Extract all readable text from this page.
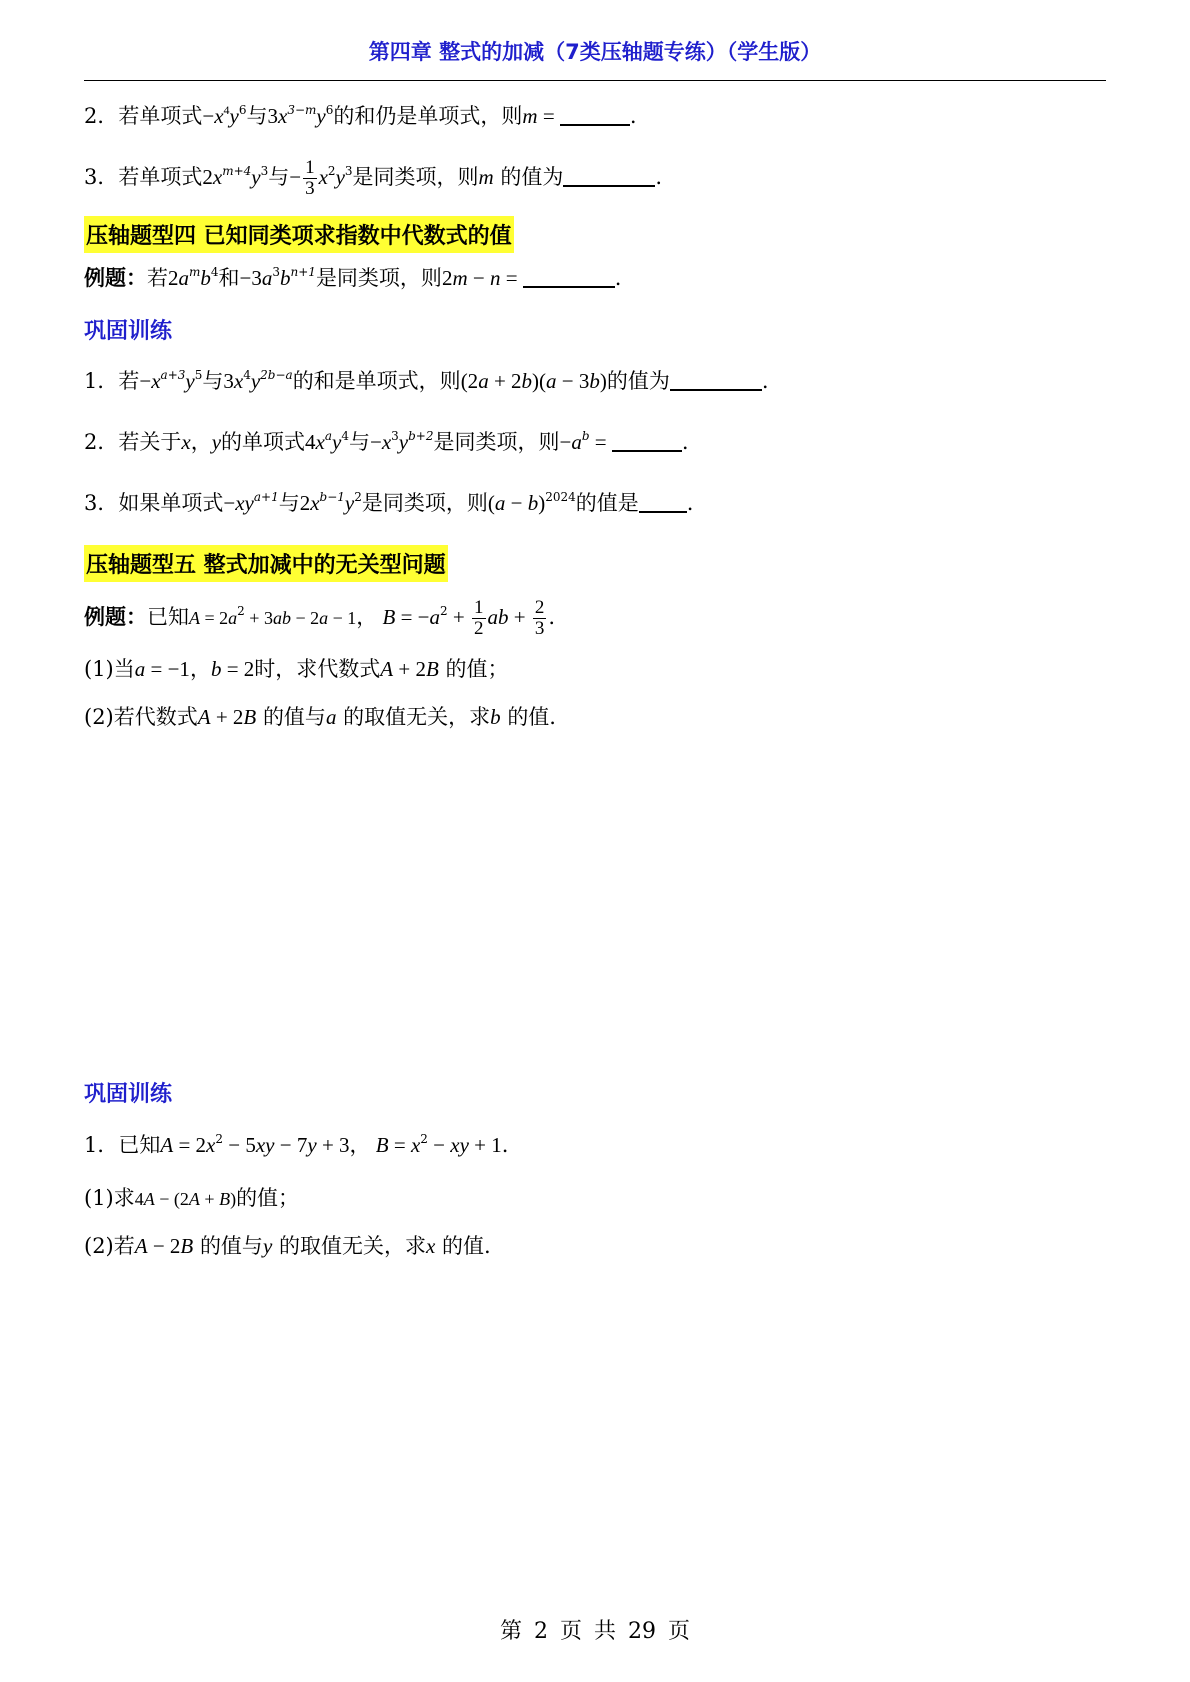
第四章 整式的加减（7类压轴题专练）（学生版）
2．若单项式$-x^4y^6$与$3x^{3-m}y^6$的和仍是单项式，则m =	.
3．若单项式$2x^{m+4}y^3$与− $\frac{1}{3} x^2y^3$是同类项，则m 的值为	.
压轴题型四 已知同类项求指数中代数式的值
例题：若$2a^mb^4$和$-3a^3b^{n+1}$是同类项，则2m − n =	.
巩固训练
1．若$-x^{a+3}y^5$与$3x^4y^{2b-a}$的和是单项式，则(2a + 2b)(a − 3b)的值为	.
2．若关于x，y的单项式$4x^ay^4$与$-x^3y^{b+2}$是同类项，则$-a^b$ =	.
3．如果单项式$-xy^{a+1}$与$2x^{b-1}y^2$是同类项，则$(a - b)^{2024}$的值是 .
压轴题型五 整式加减中的无关型问题
例题：已知$A = 2a^2 + 3ab - 2a - 1$， $B = -a^2 + \frac{1}{2}$ ab + $\frac{2}{3}$ .
(1)当a = −1，b = 2时，求代数式A + 2B 的值；
(2)若代数式A + 2B 的值与a 的取值无关，求b 的值.
巩固训练
1．已知$A = 2x^2 - 5xy - 7y + 3$， $B = x^2$ − xy + 1.
(1)求4A − (2A + B)的值；
(2)若A − 2B 的值与y 的取值无关，求x 的值.
第 2 页 共 29 页
